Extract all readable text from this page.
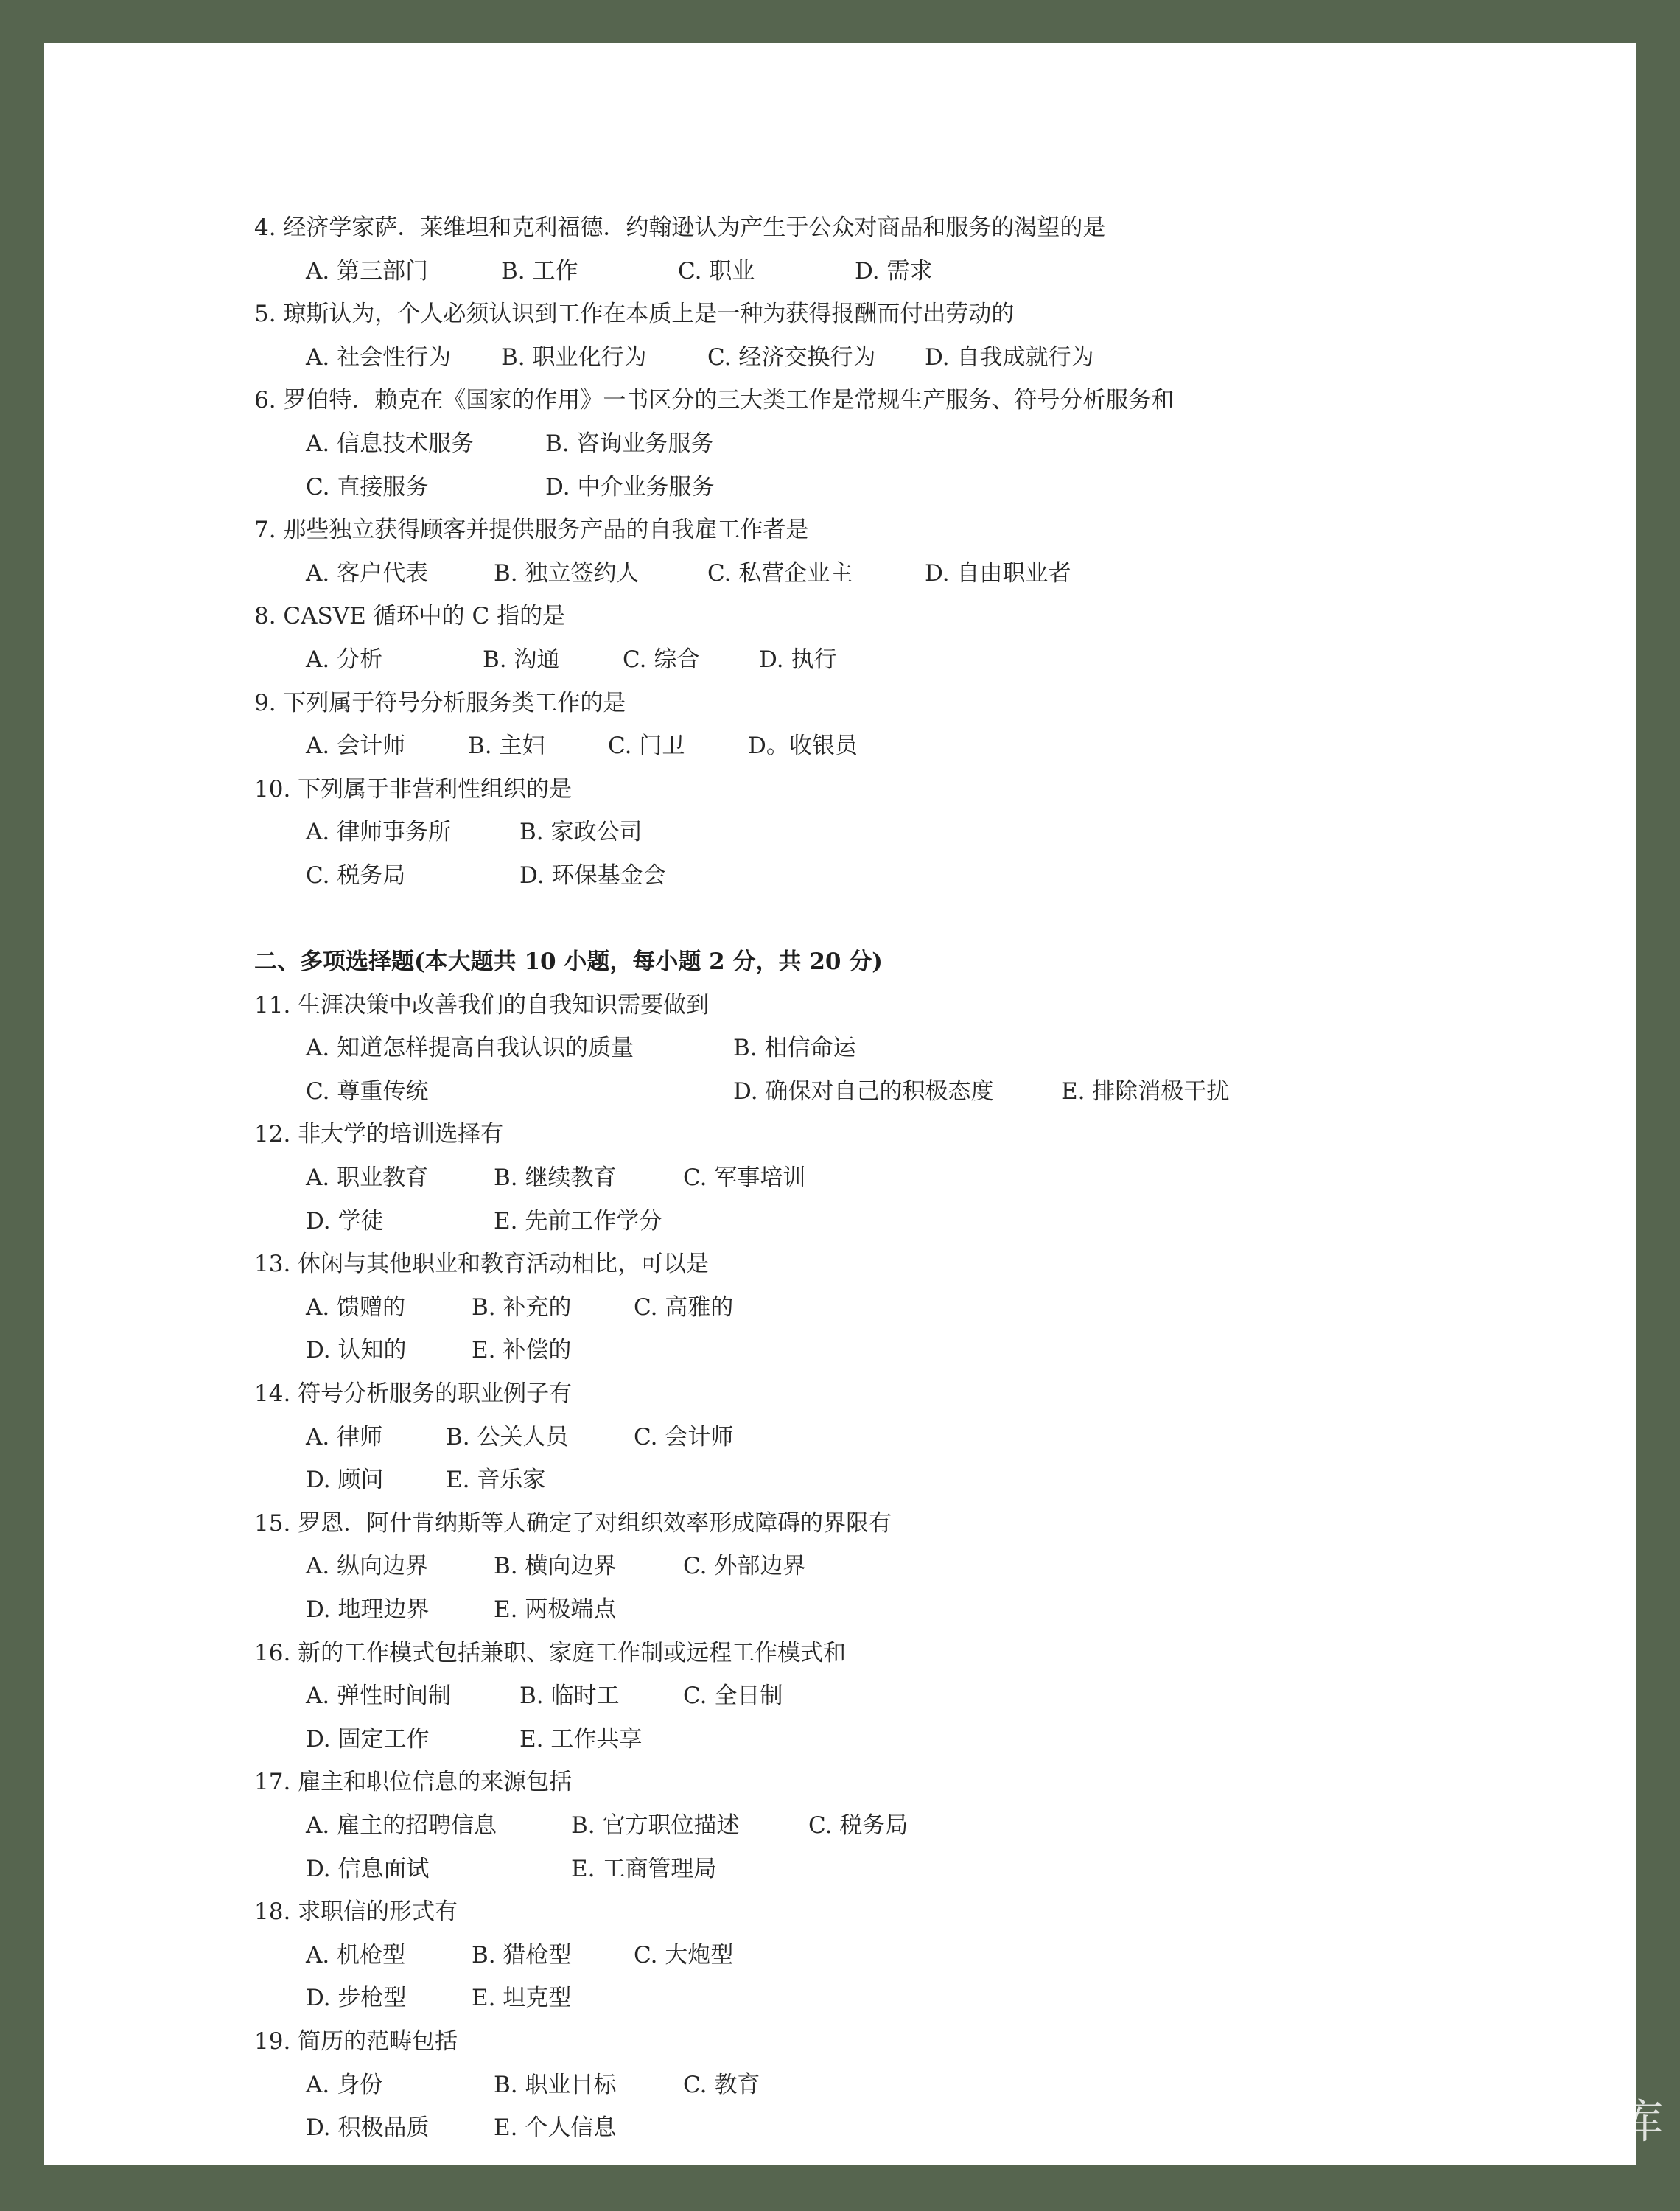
4. 经济学家萨．莱维坦和克利福德．约翰逊认为产生于公众对商品和服务的渴望的是
A. 第三部门	B. 工作	C. 职业	D. 需求
5. 琼斯认为，个人必须认识到工作在本质上是一种为获得报酬而付出劳动的
A. 社会性行为 B. 职业化行为	C. 经济交换行为 D. 自我成就行为
6. 罗伯特．赖克在《国家的作用》一书区分的三大类工作是常规生产服务、符号分析服务和
A. 信息技术服务	B. 咨询业务服务
C. 直接服务	D. 中介业务服务
7. 那些独立获得顾客并提供服务产品的自我雇工作者是
A. 客户代表	B. 独立签约人	C. 私营企业主	D. 自由职业者
8. CASVE 循环中的 C 指的是
A. 分析	B. 沟通	C. 综合	D. 执行
9. 下列属于符号分析服务类工作的是
A. 会计师	B. 主妇	C. 门卫	D。收银员
10. 下列属于非营利性组织的是
A. 律师事务所	B. 家政公司
C. 税务局	D. 环保基金会
二、多项选择题(本大题共 10 小题，每小题 2 分，共 20 分)
11. 生涯决策中改善我们的自我知识需要做到
A. 知道怎样提高自我认识的质量	B. 相信命运
C. 尊重传统	D. 确保对自己的积极态度	E. 排除消极干扰
12. 非大学的培训选择有
A. 职业教育	B. 继续教育	C. 军事培训
D. 学徒	E. 先前工作学分
13. 休闲与其他职业和教育活动相比，可以是
A. 馈赠的	B. 补充的	C. 高雅的
D. 认知的	E. 补偿的
14. 符号分析服务的职业例子有
A. 律师	B. 公关人员	C. 会计师
D. 顾问	E. 音乐家
15. 罗恩．阿什肯纳斯等人确定了对组织效率形成障碍的界限有
A. 纵向边界	B. 横向边界	C. 外部边界
D. 地理边界	E. 两极端点
16. 新的工作模式包括兼职、家庭工作制或远程工作模式和
A. 弹性时间制	B. 临时工	C. 全日制
D. 固定工作	E. 工作共享
17. 雇主和职位信息的来源包括
A. 雇主的招聘信息	B. 官方职位描述	C. 税务局
D. 信息面试	E. 工商管理局
18. 求职信的形式有
A. 机枪型	B. 猎枪型	C. 大炮型
D. 步枪型	E. 坦克型
19. 简历的范畴包括
A. 身份	B. 职业目标	C. 教育
D. 积极品质	E. 个人信息	知乎 @大学资料库
